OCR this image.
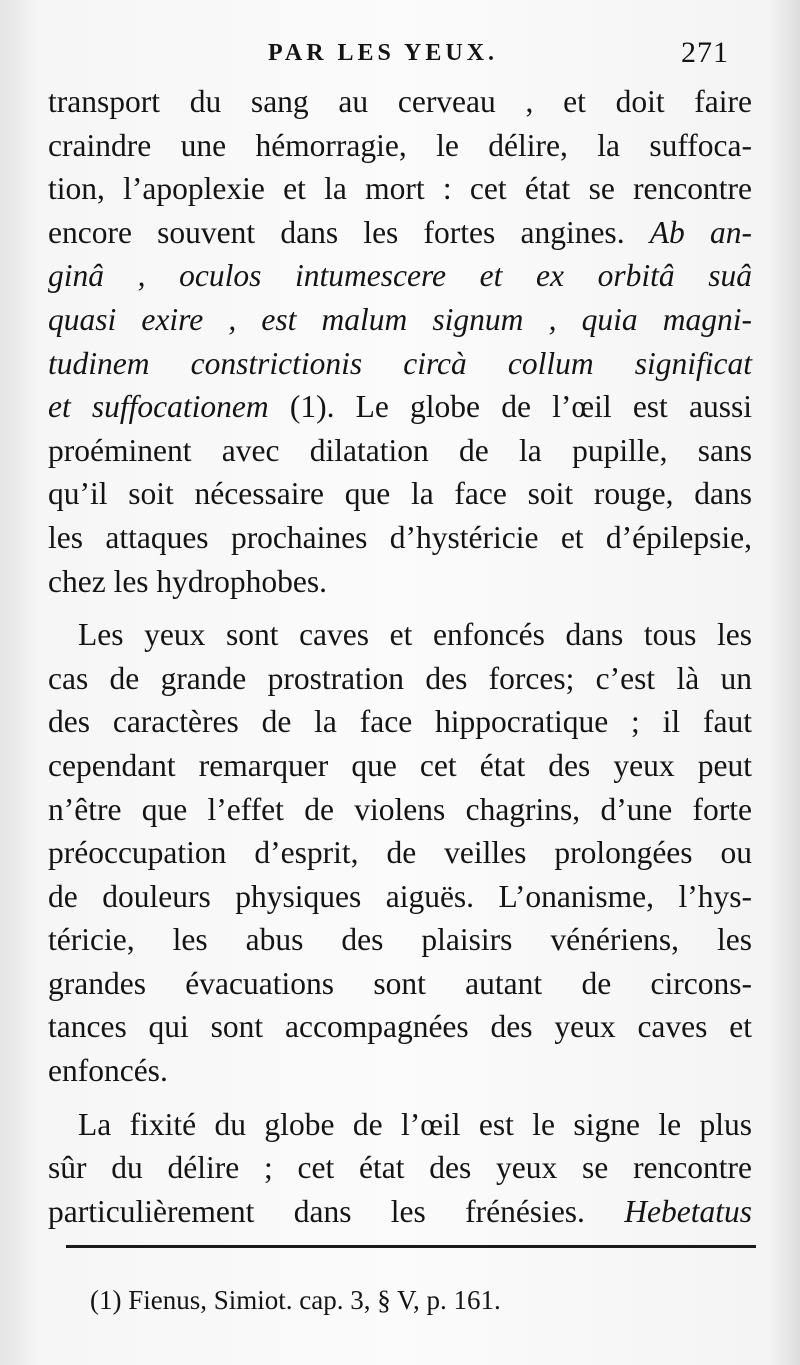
PAR LES YEUX.	271

transport du sang au cerveau , et doit faire
craindre une hémorragie, le délire, la suffoca-
tion, l’apoplexie et la mort : cet état se rencontre
encore souvent dans les fortes angines. Ab an-
ginâ , oculos intumescere et ex orbitâ suâ
quasi exire , est malum signum , quia magni-
tudinem constrictionis circà collum significat
et suffocationem (1). Le globe de l’œil est aussi
proéminent avec dilatation de la pupille, sans
qu’il soit nécessaire que la face soit rouge, dans
les attaques prochaines d’hystéricie et d’épilepsie,
chez les hydrophobes.

Les yeux sont caves et enfoncés dans tous les
cas de grande prostration des forces; c’est là un
des caractères de la face hippocratique ; il faut
cependant remarquer que cet état des yeux peut
n’être que l’effet de violens chagrins, d’une forte
préoccupation d’esprit, de veilles prolongées ou
de douleurs physiques aiguës. L’onanisme, l’hys-
téricie, les abus des plaisirs vénériens, les
grandes évacuations sont autant de circons-
tances qui sont accompagnées des yeux caves et
enfoncés.

La fixité du globe de l’œil est le signe le plus
sûr du délire ; cet état des yeux se rencontre
particulièrement dans les frénésies. Hebetatus

(1) Fienus, Simiot. cap. 3, § V, p. 161.
